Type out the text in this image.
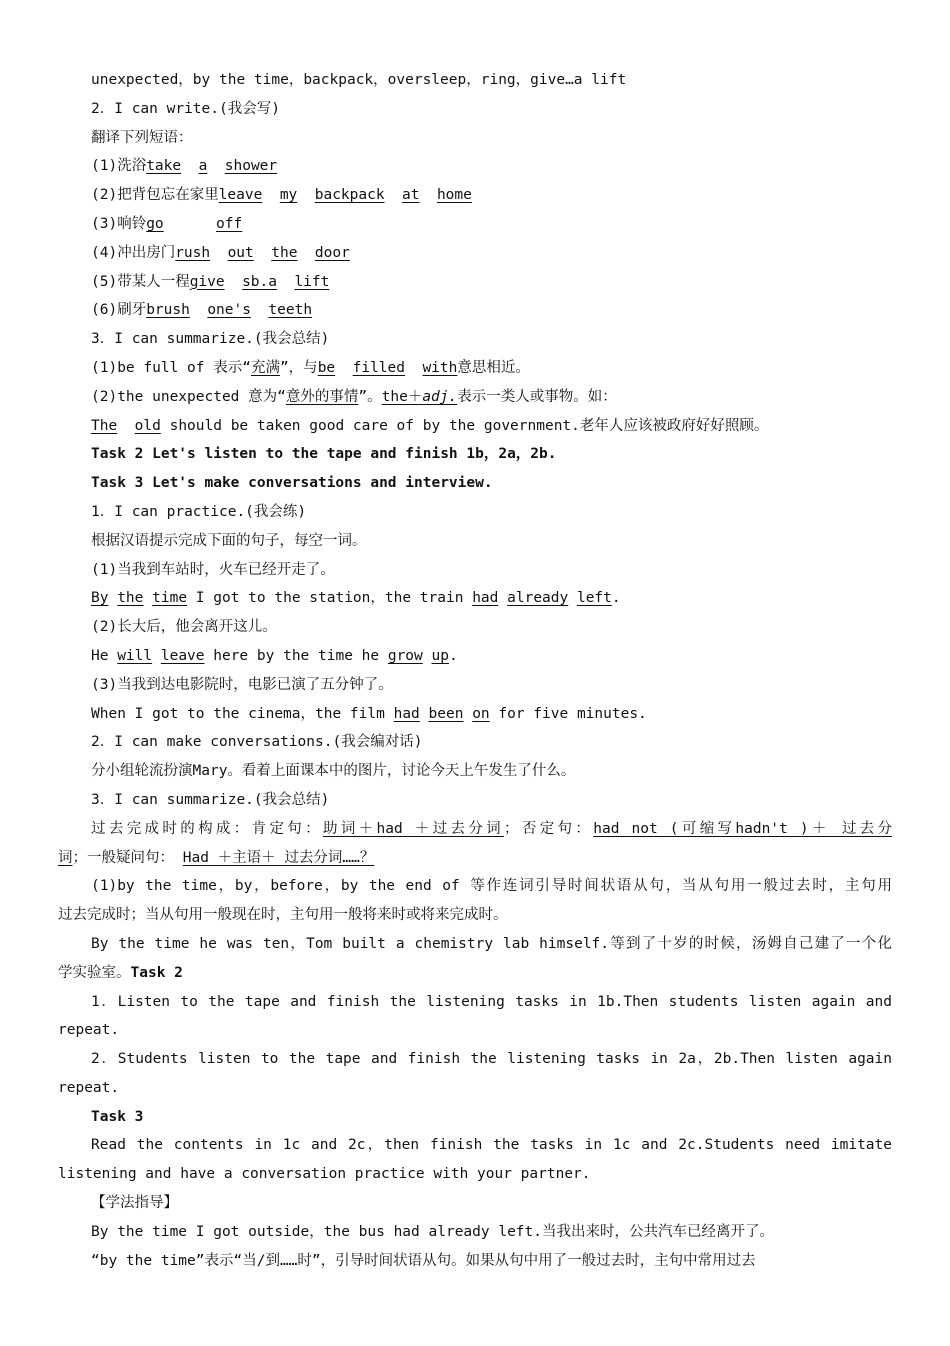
unexpected，by the time，backpack，oversleep，ring，give…a lift
2．I can write.(我会写)
翻译下列短语：
(1)洗浴take a shower
(2)把背包忘在家里leave my backpack at home
(3)响铃go	off
(4)冲出房门rush out the door
(5)带某人一程give sb.a lift
(6)刷牙brush one's teeth
3．I can summarize.(我会总结)
(1)be full of 表示“充满”，与be filled with意思相近。
(2)the unexpected 意为“意外的事情”。the＋adj.表示一类人或事物。如：
The old should be taken good care of by the government.老年人应该被政府好好照顾。
Task 2 Let's listen to the tape and finish 1b，2a，2b.
Task 3 Let's make conversations and interview.
1．I can practice.(我会练)
根据汉语提示完成下面的句子，每空一词。
(1)当我到车站时，火车已经开走了。
By the time I got to the station，the train had already left.
(2)长大后，他会离开这儿。
He will leave here by the time he grow up.
(3)当我到达电影院时，电影已演了五分钟了。
When I got to the cinema，the film had been on for five minutes.
2．I can make conversations.(我会编对话)
分小组轮流扮演Mary。看着上面课本中的图片，讨论今天上午发生了什么。
3．I can summarize.(我会总结)
过去完成时的构成：肯定句：助词＋had ＋过去分词；否定句：had not (可缩写hadn't )＋ 过去分
词；一般疑问句： Had ＋主语＋ 过去分词……？
(1)by the time，by，before，by the end of 等作连词引导时间状语从句，当从句用一般过去时，主句用
过去完成时；当从句用一般现在时，主句用一般将来时或将来完成时。
By the time he was ten，Tom built a chemistry lab himself.等到了十岁的时候，汤姆自己建了一个化
学实验室。Task 2
1．Listen to the tape and finish the listening tasks in 1b.Then students listen again and
repeat.
2．Students listen to the tape and finish the listening tasks in 2a，2b.Then listen again
repeat.
Task 3
Read the contents in 1c and 2c，then finish the tasks in 1c and 2c.Students need imitate
listening and have a conversation practice with your partner.
【学法指导】
By the time I got outside，the bus had already left.当我出来时，公共汽车已经离开了。
“by the time”表示“当/到……时”，引导时间状语从句。如果从句中用了一般过去时，主句中常用过去
